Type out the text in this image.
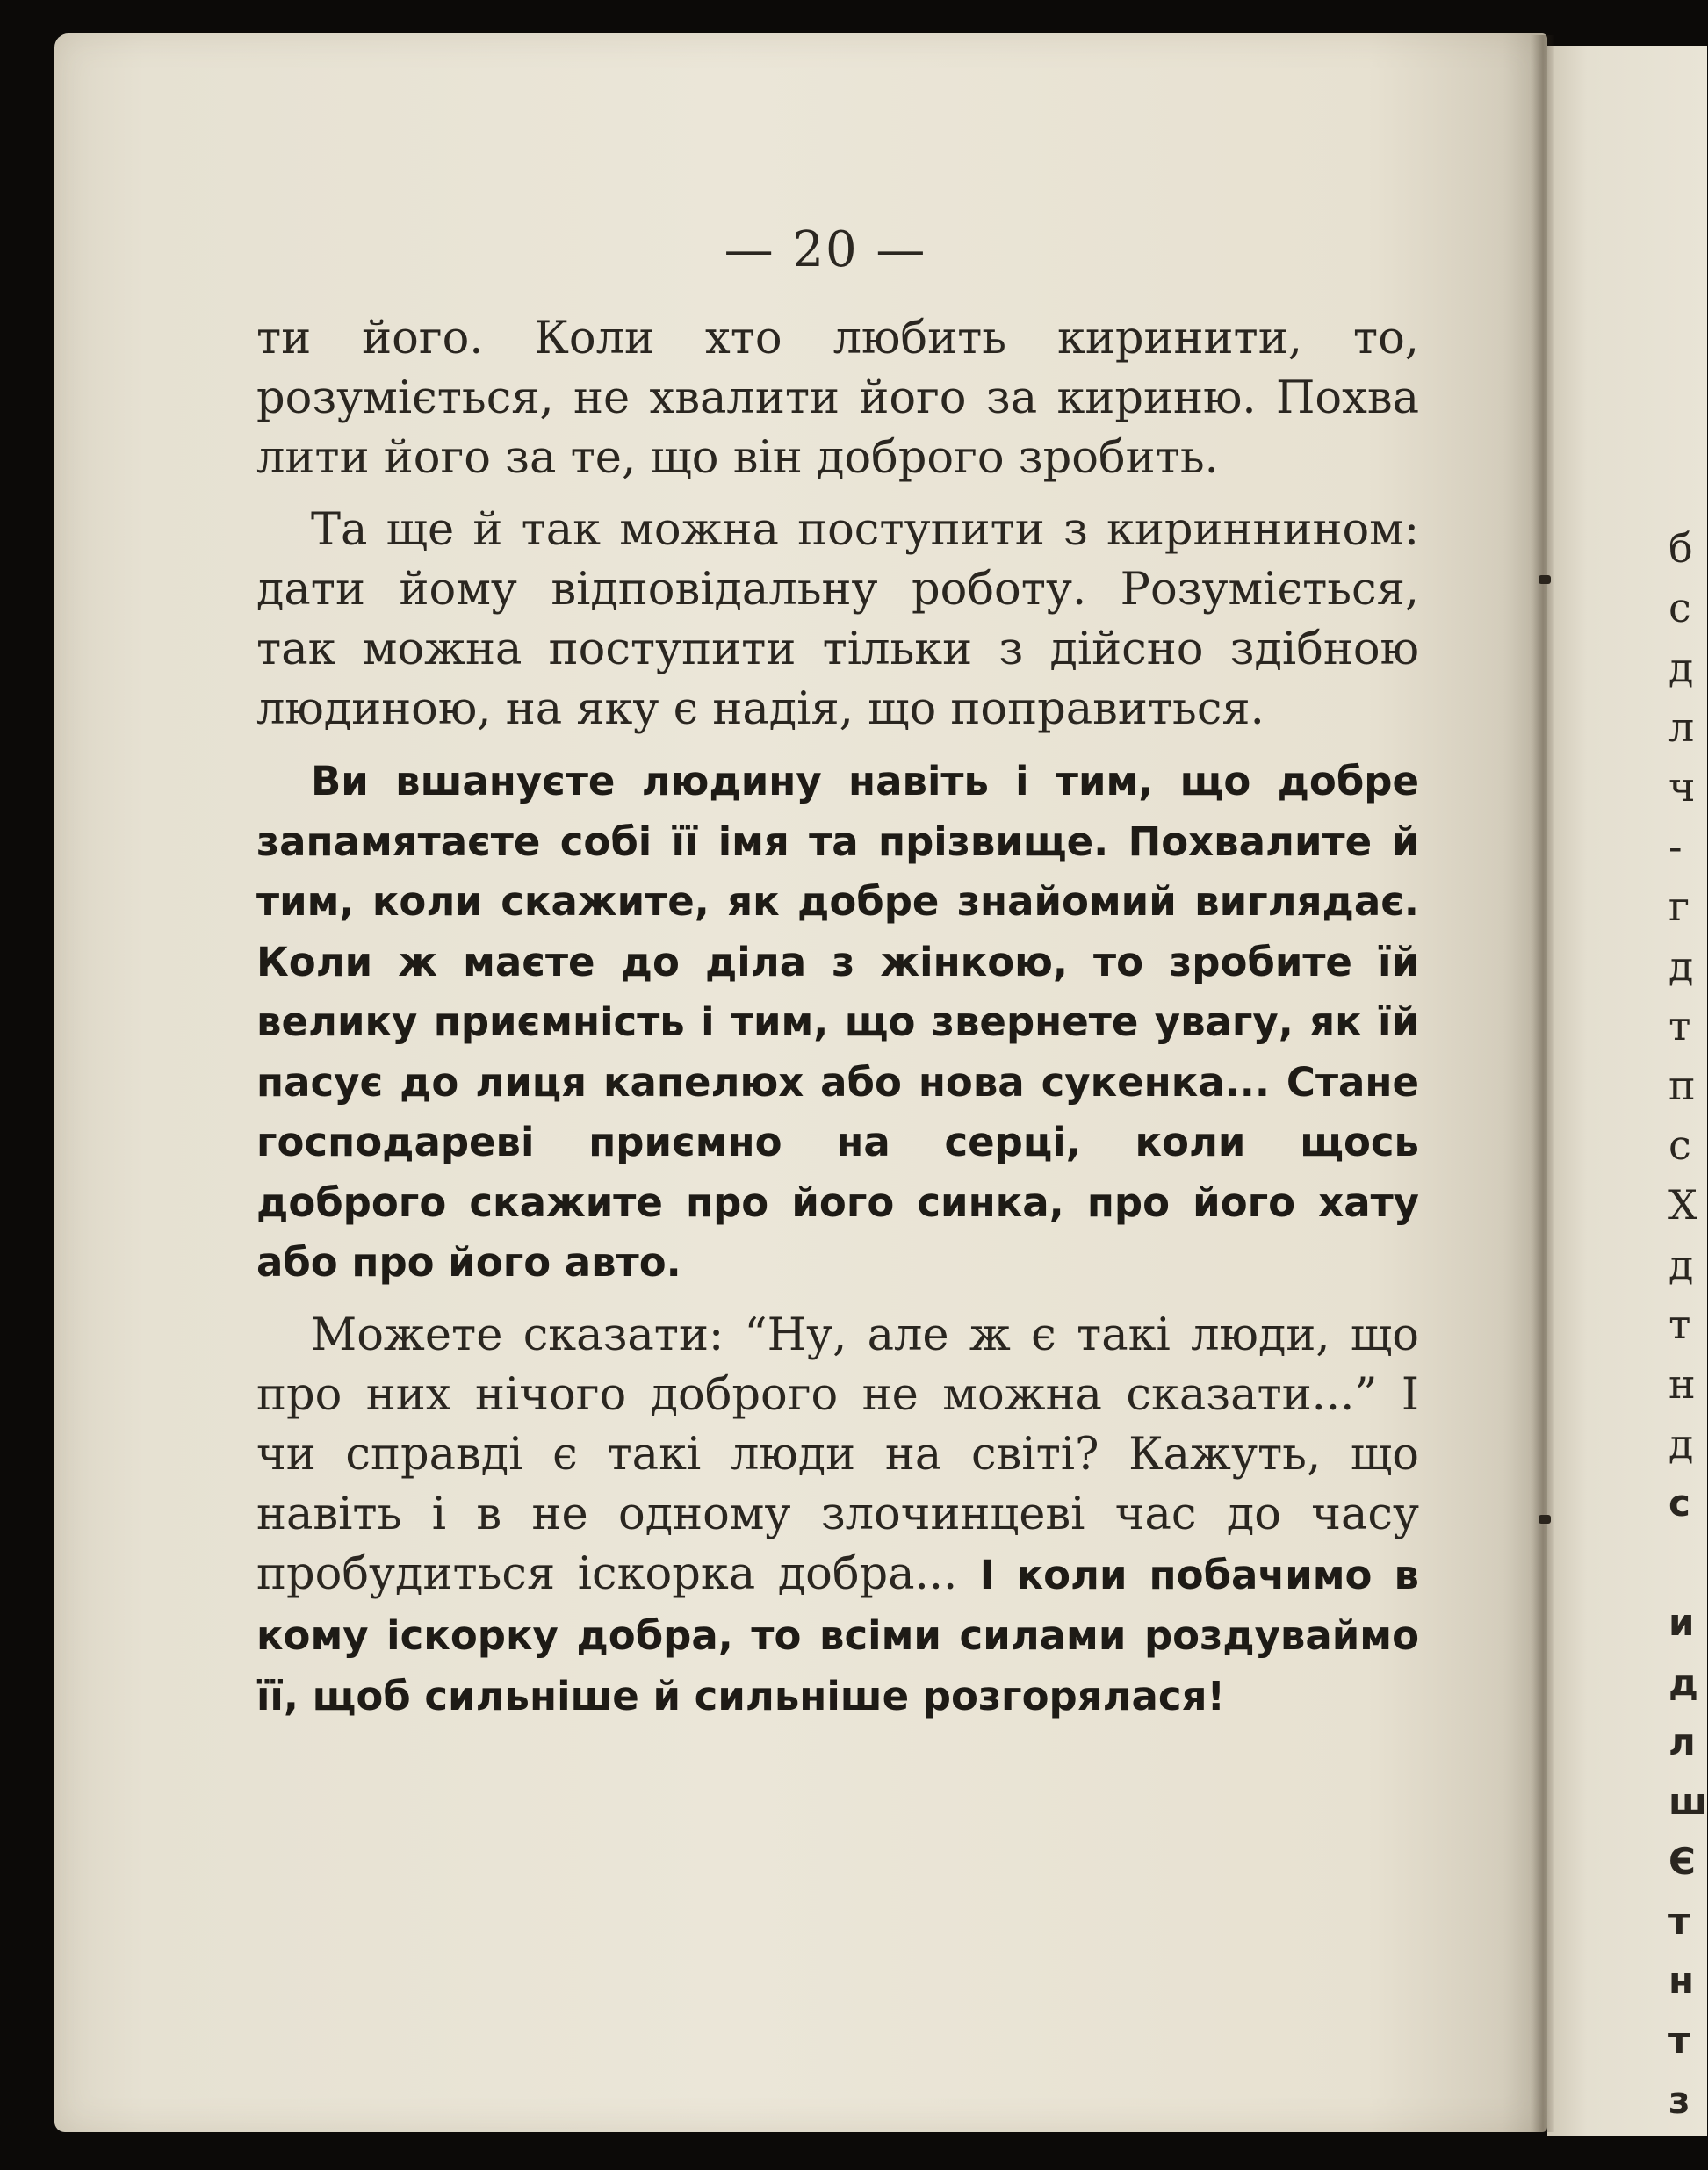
— 20 —

ти його. Коли хто любить киринити, то, розуміється, не хвалити його за кириню. Похва лити його за те, що він доброго зробить.

Та ще й так можна поступити з кириннином: дати йому відповідальну роботу. Розуміється, так можна поступити тільки з дійсно здібною людиною, на яку є надія, що поправиться.

Ви вшануєте людину навіть і тим, що добре запамятаєте собі її імя та прізвище. Похвалите й тим, коли скажите, як добре знайомий виглядає. Коли ж маєте до діла з жінкою, то зробите їй велику приємність і тим, що звернете увагу, як їй пасує до лиця капелюх або нова сукенка... Стане господареві приємно на серці, коли щось доброго скажите про його синка, про його хату або про його авто.

Можете сказати: “Ну, але ж є такі люди, що про них нічого доброго не можна сказати...” І чи справді є такі люди на світі? Кажуть, що навіть і в не одному злочинцеві час до часу пробудиться іскорка добра... І коли побачимо в кому іскорку добра, то всіми силами роздуваймо її, щоб сильніше й сильніше розгорялася!

б
с
д
л
ч
-
г
д
т
п
с
Х
д
т
н
д
с
и
д
л
ш
Є
т
н
т
з
